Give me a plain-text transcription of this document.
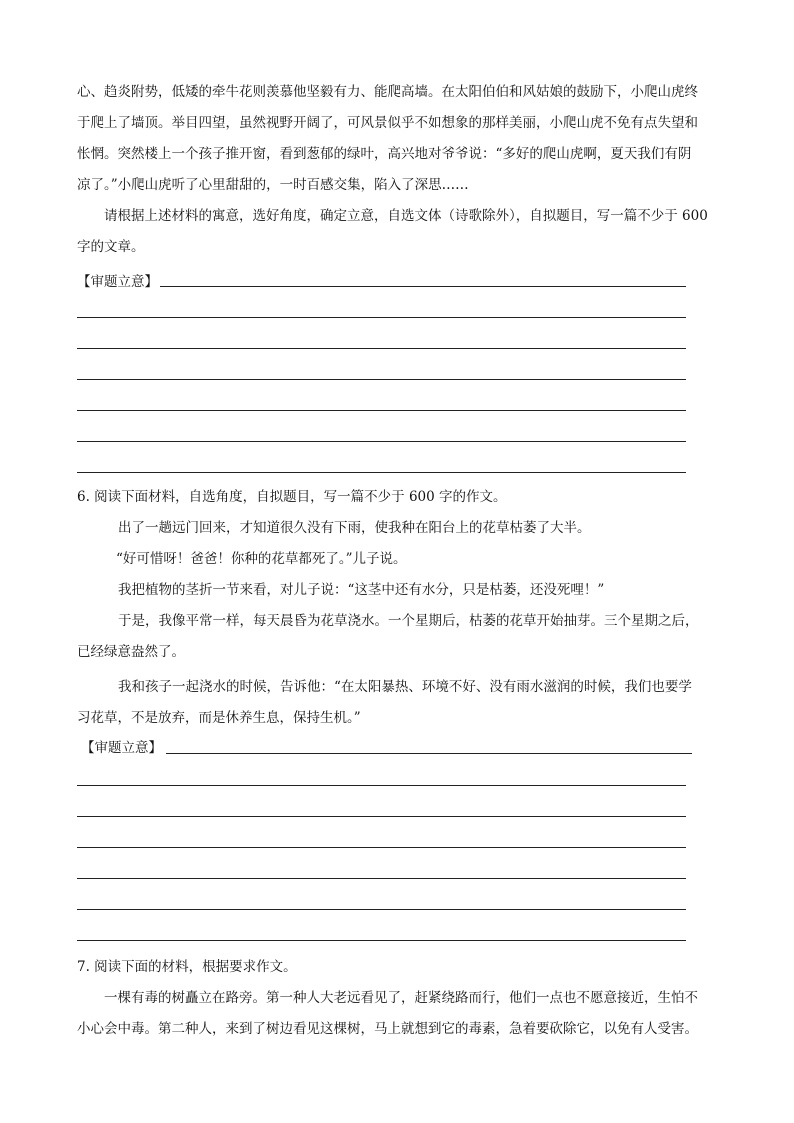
心、趋炎附势，低矮的牵牛花则羡慕他坚毅有力、能爬高墙。在太阳伯伯和风姑娘的鼓励下，小爬山虎终

于爬上了墙顶。举目四望，虽然视野开阔了，可风景似乎不如想象的那样美丽，小爬山虎不免有点失望和

怅惘。突然楼上一个孩子推开窗，看到葱郁的绿叶，高兴地对爷爷说：“多好的爬山虎啊，夏天我们有阴

凉了。”小爬山虎听了心里甜甜的，一时百感交集，陷入了深思……

请根据上述材料的寓意，选好角度，确定立意，自选文体（诗歌除外），自拟题目，写一篇不少于 600

字的文章。

【审题立意】

6. 阅读下面材料，自选角度，自拟题目，写一篇不少于 600 字的作文。

出了一趟远门回来，才知道很久没有下雨，使我种在阳台上的花草枯萎了大半。

“好可惜呀！爸爸！你种的花草都死了。”儿子说。

我把植物的茎折一节来看，对儿子说：“这茎中还有水分，只是枯萎，还没死哩！”

于是，我像平常一样，每天晨昏为花草浇水。一个星期后，枯萎的花草开始抽芽。三个星期之后，

已经绿意盎然了。

我和孩子一起浇水的时候，告诉他：“在太阳暴热、环境不好、没有雨水滋润的时候，我们也要学

习花草，不是放弃，而是休养生息，保持生机。”

【审题立意】

7. 阅读下面的材料，根据要求作文。

一棵有毒的树矗立在路旁。第一种人大老远看见了，赶紧绕路而行，他们一点也不愿意接近，生怕不

小心会中毒。第二种人，来到了树边看见这棵树，马上就想到它的毒素，急着要砍除它，以免有人受害。
